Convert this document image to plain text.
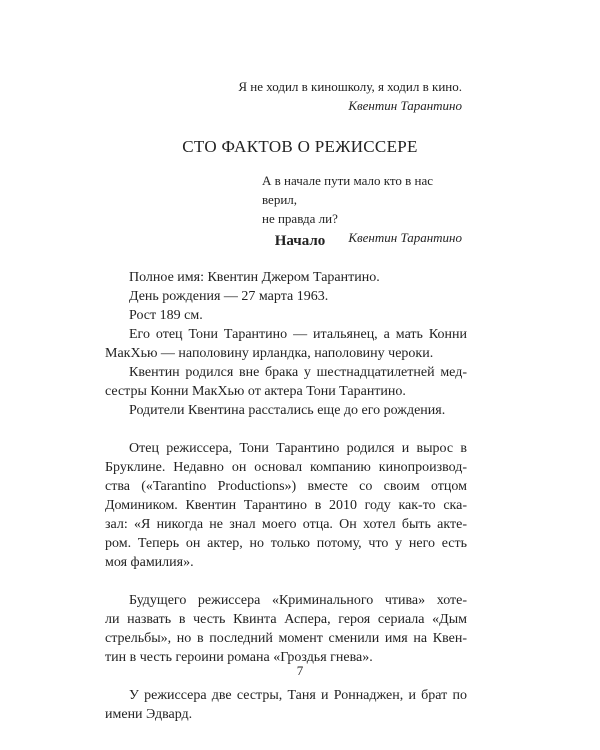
Я не ходил в киношколу, я ходил в кино.
Квентин Тарантино
СТО ФАКТОВ О РЕЖИССЕРЕ
А в начале пути мало кто в нас верил,
не правда ли?
Квентин Тарантино
Начало
Полное имя: Квентин Джером Тарантино.
День рождения — 27 марта 1963.
Рост 189 см.
Его отец Тони Тарантино — итальянец, а мать Конни
МакХью — наполовину ирландка, наполовину чероки.
Квентин родился вне брака у шестнадцатилетней мед-
сестры Конни МакХью от актера Тони Тарантино.
Родители Квентина расстались еще до его рождения.
Отец режиссера, Тони Тарантино родился и вырос в
Бруклине. Недавно он основал компанию кинопроизвод-
ства («Tarantino Productions») вместе со своим отцом
Домиником. Квентин Тарантино в 2010 году как-то ска-
зал: «Я никогда не знал моего отца. Он хотел быть акте-
ром. Теперь он актер, но только потому, что у него есть
моя фамилия».
Будущего режиссера «Криминального чтива» хоте-
ли назвать в честь Квинта Аспера, героя сериала «Дым
стрельбы», но в последний момент сменили имя на Квен-
тин в честь героини романа «Гроздья гнева».
У режиссера две сестры, Таня и Роннаджен, и брат по
имени Эдвард.
7
